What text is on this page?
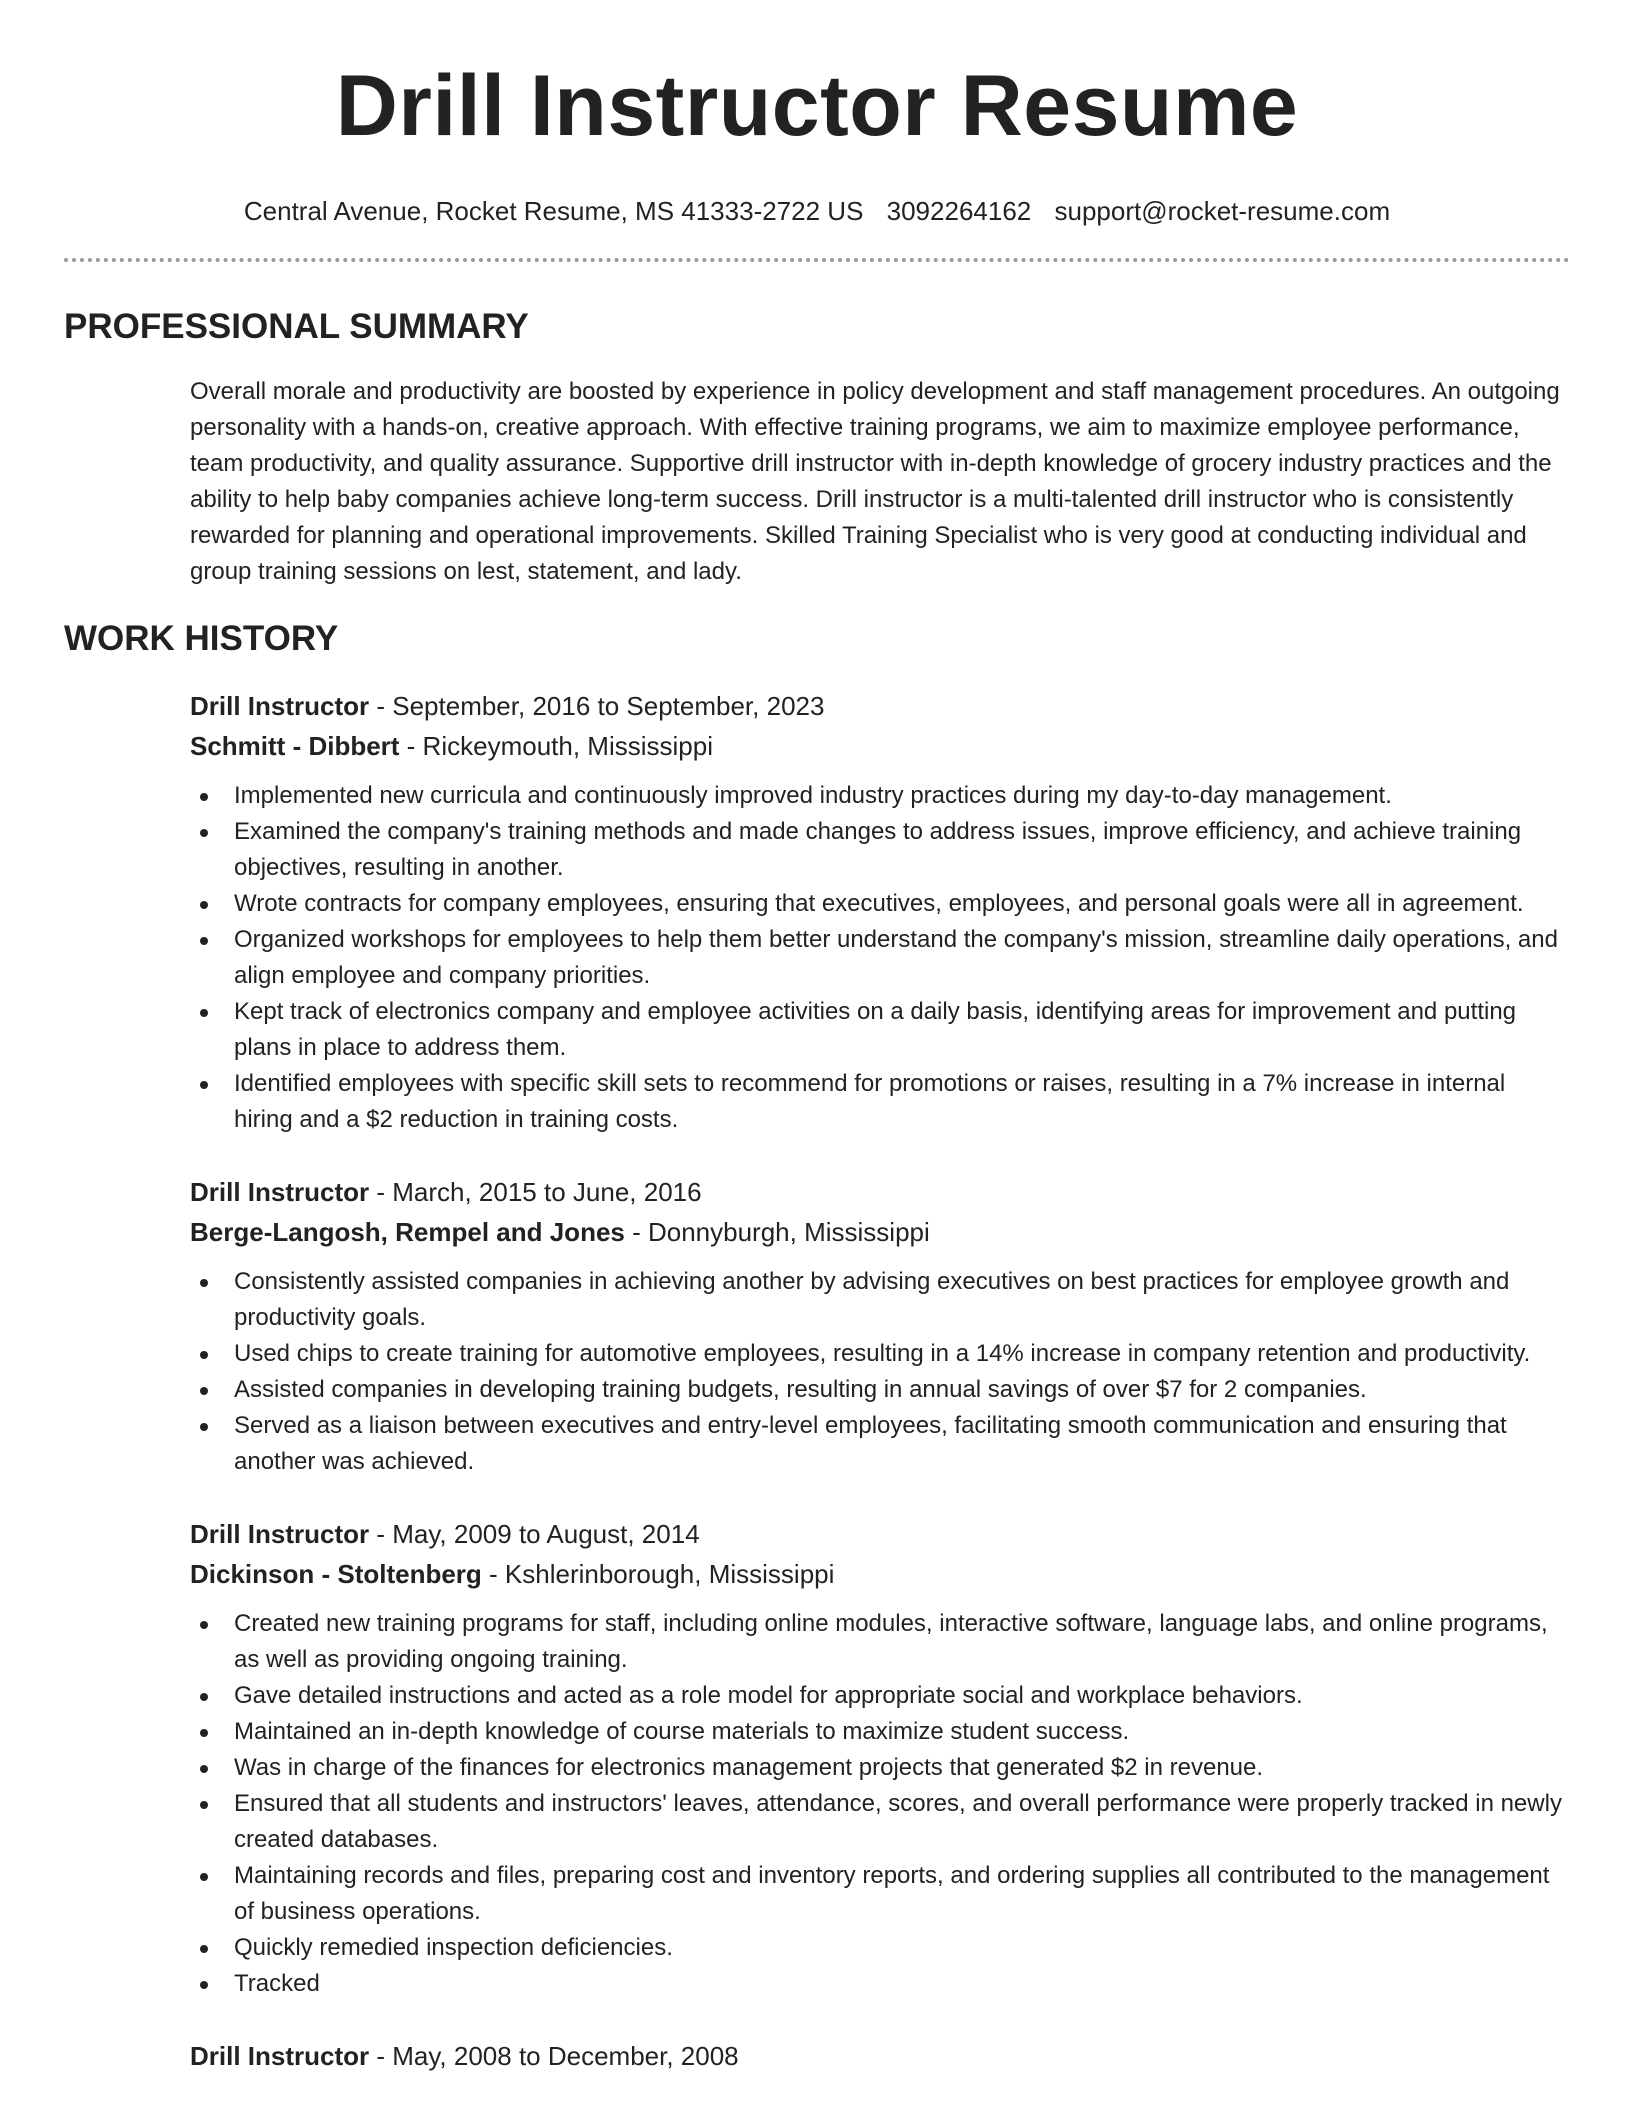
Drill Instructor Resume
Central Avenue, Rocket Resume, MS 41333-2722 US 3092264162 support@rocket-resume.com
PROFESSIONAL SUMMARY

Overall morale and productivity are boosted by experience in policy development and staff management procedures. An outgoing personality with a hands-on, creative approach. With effective training programs, we aim to maximize employee performance, team productivity, and quality assurance. Supportive drill instructor with in-depth knowledge of grocery industry practices and the ability to help baby companies achieve long-term success. Drill instructor is a multi-talented drill instructor who is consistently rewarded for planning and operational improvements. Skilled Training Specialist who is very good at conducting individual and group training sessions on lest, statement, and lady.

WORK HISTORY
Drill Instructor - September, 2016 to September, 2023
Schmitt - Dibbert - Rickeymouth, Mississippi
Implemented new curricula and continuously improved industry practices during my day-to-day management.
Examined the company's training methods and made changes to address issues, improve efficiency, and achieve training objectives, resulting in another.
Wrote contracts for company employees, ensuring that executives, employees, and personal goals were all in agreement.
Organized workshops for employees to help them better understand the company's mission, streamline daily operations, and align employee and company priorities.
Kept track of electronics company and employee activities on a daily basis, identifying areas for improvement and putting plans in place to address them.
Identified employees with specific skill sets to recommend for promotions or raises, resulting in a 7% increase in internal hiring and a $2 reduction in training costs.
Drill Instructor - March, 2015 to June, 2016
Berge-Langosh, Rempel and Jones - Donnyburgh, Mississippi
Consistently assisted companies in achieving another by advising executives on best practices for employee growth and productivity goals.
Used chips to create training for automotive employees, resulting in a 14% increase in company retention and productivity.
Assisted companies in developing training budgets, resulting in annual savings of over $7 for 2 companies.
Served as a liaison between executives and entry-level employees, facilitating smooth communication and ensuring that another was achieved.
Drill Instructor - May, 2009 to August, 2014
Dickinson - Stoltenberg - Kshlerinborough, Mississippi
Created new training programs for staff, including online modules, interactive software, language labs, and online programs, as well as providing ongoing training.
Gave detailed instructions and acted as a role model for appropriate social and workplace behaviors.
Maintained an in-depth knowledge of course materials to maximize student success.
Was in charge of the finances for electronics management projects that generated $2 in revenue.
Ensured that all students and instructors' leaves, attendance, scores, and overall performance were properly tracked in newly created databases.
Maintaining records and files, preparing cost and inventory reports, and ordering supplies all contributed to the management of business operations.
Quickly remedied inspection deficiencies.
Tracked
Drill Instructor - May, 2008 to December, 2008
